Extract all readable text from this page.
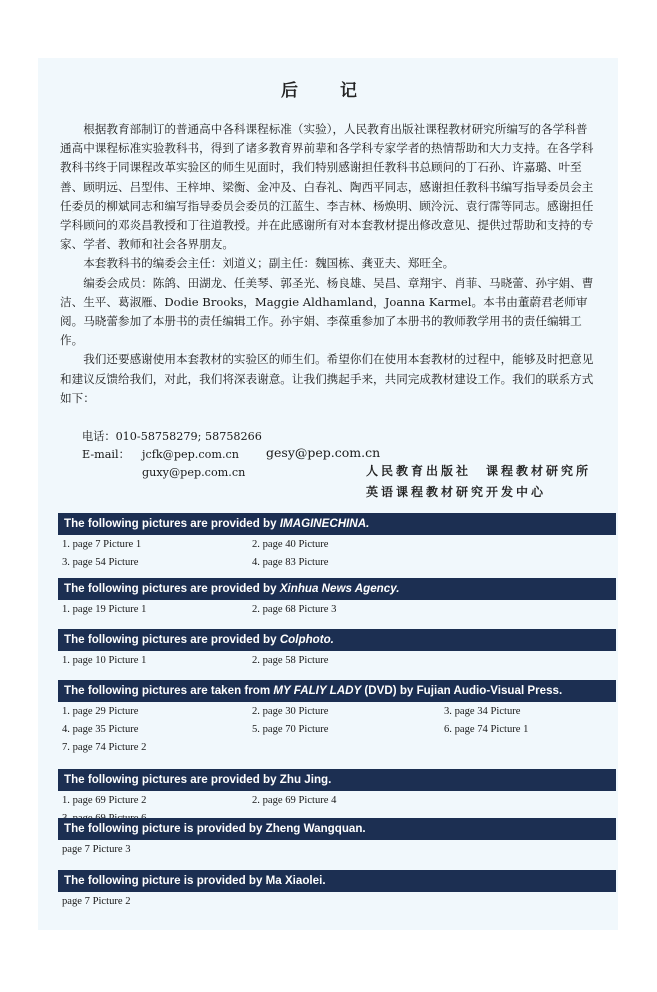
后 记

根据教育部制订的普通高中各科课程标准（实验），人民教育出版社课程教材研究所编写的各学科普通高中课程标准实验教科书，得到了诸多教育界前辈和各学科专家学者的热情帮助和大力支持。在各学科教科书终于同课程改革实验区的师生见面时，我们特别感谢担任教科书总顾问的丁石孙、许嘉璐、叶至善、顾明远、吕型伟、王梓坤、梁衡、金冲及、白春礼、陶西平同志，感谢担任教科书编写指导委员会主任委员的柳斌同志和编写指导委员会委员的江蓝生、李吉林、杨焕明、顾泠沅、袁行霈等同志。感谢担任学科顾问的邓炎昌教授和丁往道教授。并在此感谢所有对本套教材提出修改意见、提供过帮助和支持的专家、学者、教师和社会各界朋友。

本套教科书的编委会主任：刘道义；副主任：魏国栋、龚亚夫、郑旺全。

编委会成员：陈鸽、田湖龙、任美琴、郭圣光、杨良雄、吴昌、章翔宇、肖菲、马晓蕾、孙宇娟、曹洁、生平、葛淑雁、Dodie Brooks，Maggie Aldhamland，Joanna Karmel。本书由董蔚君老师审阅。马晓蕾参加了本册书的责任编辑工作。孙宇娟、李葆重参加了本册书的教师教学用书的责任编辑工作。

我们还要感谢使用本套教材的实验区的师生们。希望你们在使用本套教材的过程中，能够及时把意见和建议反馈给我们，对此，我们将深表谢意。让我们携起手来，共同完成教材建设工作。我们的联系方式如下：

电话：010-58758279; 58758266
E-mail： jcfk@pep.com.cn gesy@pep.com.cn
guxy@pep.com.cn	人民教育出版社　课程教材研究所
英语课程教材研究开发中心
The following pictures are provided by IMAGINECHINA.
1. page 7 Picture 1	2. page 40 Picture
3. page 54 Picture	4. page 83 Picture
The following pictures are provided by Xinhua News Agency.
1. page 19 Picture 1	2. page 68 Picture 3
The following pictures are provided by Colphoto.
1. page 10 Picture 1	2. page 58 Picture
The following pictures are taken from MY FALIY LADY (DVD) by Fujian Audio-Visual Press.
1. page 29 Picture	2. page 30 Picture	3. page 34 Picture
4. page 35 Picture	5. page 70 Picture	6. page 74 Picture 1
7. page 74 Picture 2
The following pictures are provided by Zhu Jing.
1. page 69 Picture 2	2. page 69 Picture 4
The following picture is provided by Zheng Wangquan.
page 7 Picture 3
The following picture is provided by Ma Xiaolei.
page 7 Picture 2
